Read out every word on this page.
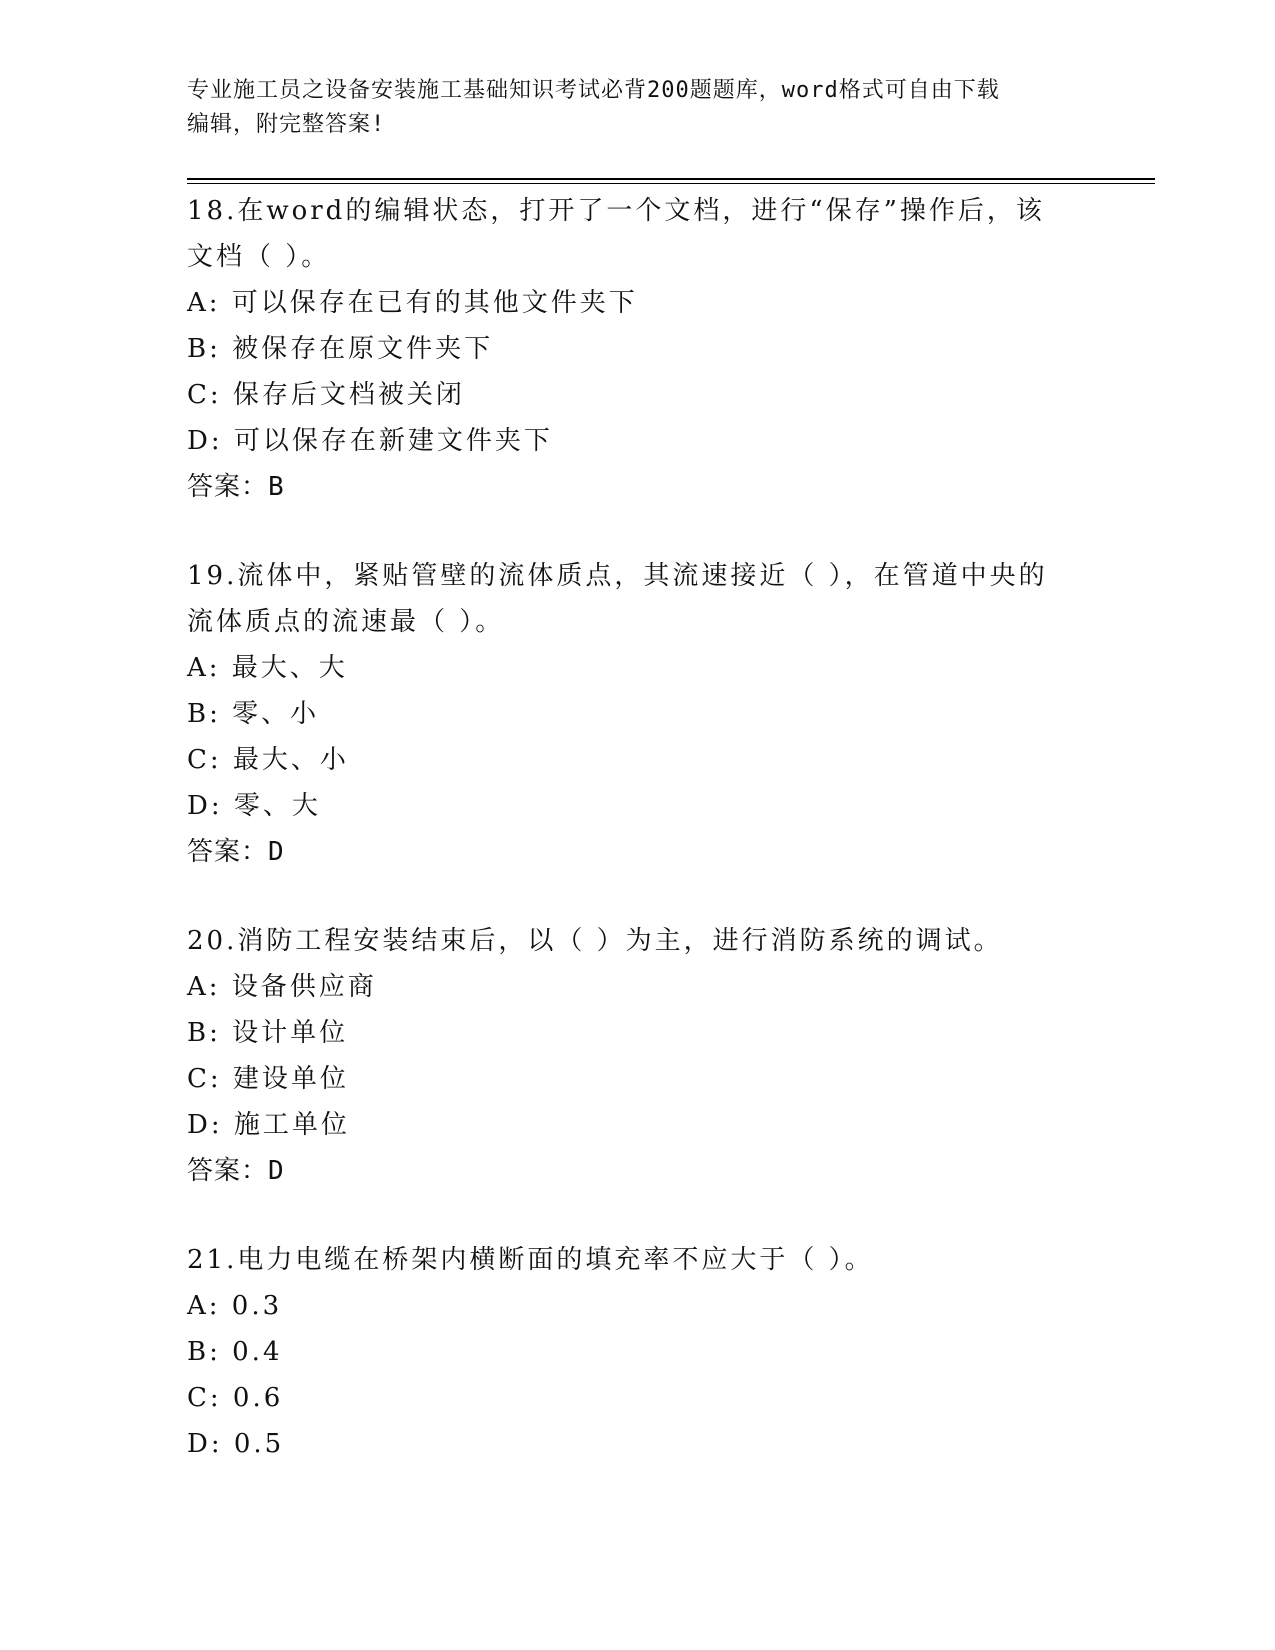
专业施工员之设备安装施工基础知识考试必背200题题库，word格式可自由下载
编辑，附完整答案!
18.在word的编辑状态，打开了一个文档，进行“保存”操作后，该
文档（ ）。
A: 可以保存在已有的其他文件夹下
B: 被保存在原文件夹下
C: 保存后文档被关闭
D: 可以保存在新建文件夹下
答案：B
19.流体中，紧贴管壁的流体质点，其流速接近（ ），在管道中央的
流体质点的流速最（ ）。
A: 最大、大
B: 零、小
C: 最大、小
D: 零、大
答案：D
20.消防工程安装结束后，以（ ）为主，进行消防系统的调试。
A: 设备供应商
B: 设计单位
C: 建设单位
D: 施工单位
答案：D
21.电力电缆在桥架内横断面的填充率不应大于（ ）。
A: 0.3
B: 0.4
C: 0.6
D: 0.5
